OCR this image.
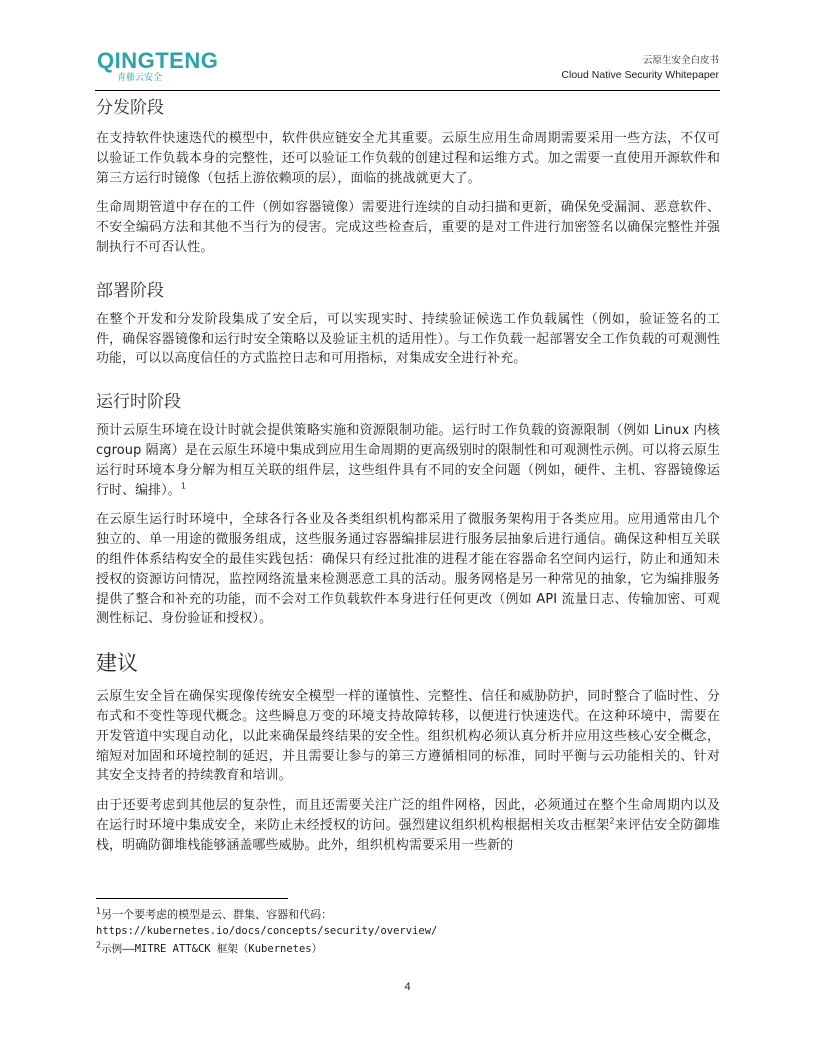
QINGTENG
青藤云安全
云原生安全白皮书
Cloud Native Security Whitepaper
分发阶段

在支持软件快速迭代的模型中，软件供应链安全尤其重要。云原生应用生命周期需要采用一些方法，不仅可以验证工作负载本身的完整性，还可以验证工作负载的创建过程和运维方式。加之需要一直使用开源软件和第三方运行时镜像（包括上游依赖项的层），面临的挑战就更大了。

生命周期管道中存在的工件（例如容器镜像）需要进行连续的自动扫描和更新，确保免受漏洞、恶意软件、不安全编码方法和其他不当行为的侵害。完成这些检查后，重要的是对工件进行加密签名以确保完整性并强制执行不可否认性。

部署阶段

在整个开发和分发阶段集成了安全后，可以实现实时、持续验证候选工作负载属性（例如，验证签名的工件，确保容器镜像和运行时安全策略以及验证主机的适用性）。与工作负载一起部署安全工作负载的可观测性功能，可以以高度信任的方式监控日志和可用指标，对集成安全进行补充。

运行时阶段

预计云原生环境在设计时就会提供策略实施和资源限制功能。运行时工作负载的资源限制（例如 Linux 内核 cgroup 隔离）是在云原生环境中集成到应用生命周期的更高级别时的限制性和可观测性示例。可以将云原生运行时环境本身分解为相互关联的组件层，这些组件具有不同的安全问题（例如，硬件、主机、容器镜像运行时、编排）。$^1$

在云原生运行时环境中，全球各行各业及各类组织机构都采用了微服务架构用于各类应用。应用通常由几个独立的、单一用途的微服务组成，这些服务通过容器编排层进行服务层抽象后进行通信。确保这种相互关联的组件体系结构安全的最佳实践包括：确保只有经过批准的进程才能在容器命名空间内运行，防止和通知未授权的资源访问情况，监控网络流量来检测恶意工具的活动。服务网格是另一种常见的抽象，它为编排服务提供了整合和补充的功能，而不会对工作负载软件本身进行任何更改（例如 API 流量日志、传输加密、可观测性标记、身份验证和授权）。

建议

云原生安全旨在确保实现像传统安全模型一样的谨慎性、完整性、信任和威胁防护，同时整合了临时性、分布式和不变性等现代概念。这些瞬息万变的环境支持故障转移，以便进行快速迭代。在这种环境中，需要在开发管道中实现自动化，以此来确保最终结果的安全性。组织机构必须认真分析并应用这些核心安全概念，缩短对加固和环境控制的延迟，并且需要让参与的第三方遵循相同的标准，同时平衡与云功能相关的、针对其安全支持者的持续教育和培训。

由于还要考虑到其他层的复杂性，而且还需要关注广泛的组件网格，因此，必须通过在整个生命周期内以及在运行时环境中集成安全，来防止未经授权的访问。强烈建议组织机构根据相关攻击框架$^2$来评估安全防御堆栈，明确防御堆栈能够涵盖哪些威胁。此外，组织机构需要采用一些新的

$^1$另一个要考虑的模型是云、群集、容器和代码：
https://kubernetes.io/docs/concepts/security/overview/
$^2$示例——MITRE ATT&CK 框架（Kubernetes）
4
